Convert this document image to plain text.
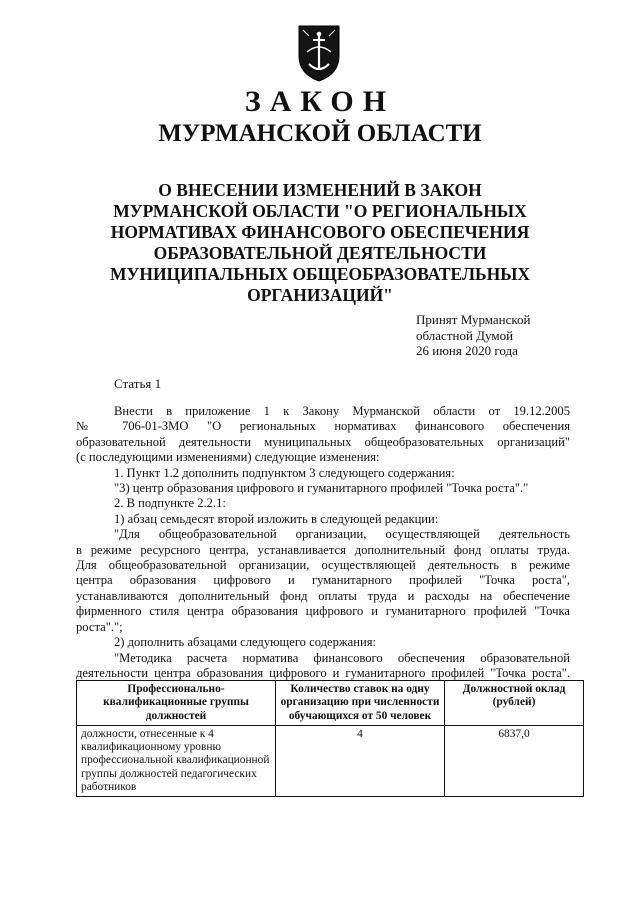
ЗАКОН
МУРМАНСКОЙ ОБЛАСТИ
О ВНЕСЕНИИ ИЗМЕНЕНИЙ В ЗАКОН
МУРМАНСКОЙ ОБЛАСТИ "О РЕГИОНАЛЬНЫХ
НОРМАТИВАХ ФИНАНСОВОГО ОБЕСПЕЧЕНИЯ
ОБРАЗОВАТЕЛЬНОЙ ДЕЯТЕЛЬНОСТИ
МУНИЦИПАЛЬНЫХ ОБЩЕОБРАЗОВАТЕЛЬНЫХ
ОРГАНИЗАЦИЙ"
Принят Мурманской
областной Думой
26 июня 2020 года
Статья 1
Внести в приложение 1 к Закону Мурманской области от 19.12.2005
№ 706-01-ЗМО "О региональных нормативах финансового обеспечения
образовательной деятельности муниципальных общеобразовательных организаций"
(с последующими изменениями) следующие изменения:
1. Пункт 1.2 дополнить подпунктом 3 следующего содержания:
"3) центр образования цифрового и гуманитарного профилей "Точка роста"."
2. В подпункте 2.2.1:
1) абзац семьдесят второй изложить в следующей редакции:
"Для общеобразовательной организации, осуществляющей деятельность
в режиме ресурсного центра, устанавливается дополнительный фонд оплаты труда.
Для общеобразовательной организации, осуществляющей деятельность в режиме
центра образования цифрового и гуманитарного профилей "Точка роста",
устанавливаются дополнительный фонд оплаты труда и расходы на обеспечение
фирменного стиля центра образования цифрового и гуманитарного профилей "Точка
роста".";
2) дополнить абзацами следующего содержания:
"Методика расчета норматива финансового обеспечения образовательной
деятельности центра образования цифрового и гуманитарного профилей "Точка роста".
Профессионально-квалификационные группы должностей	Количество ставок на одну организацию при численности обучающихся от 50 человек	Должностной оклад (рублей)
должности, отнесенные к 4 квалификационному уровню профессиональной квалификационной группы должностей педагогических работников	4	6837,0
